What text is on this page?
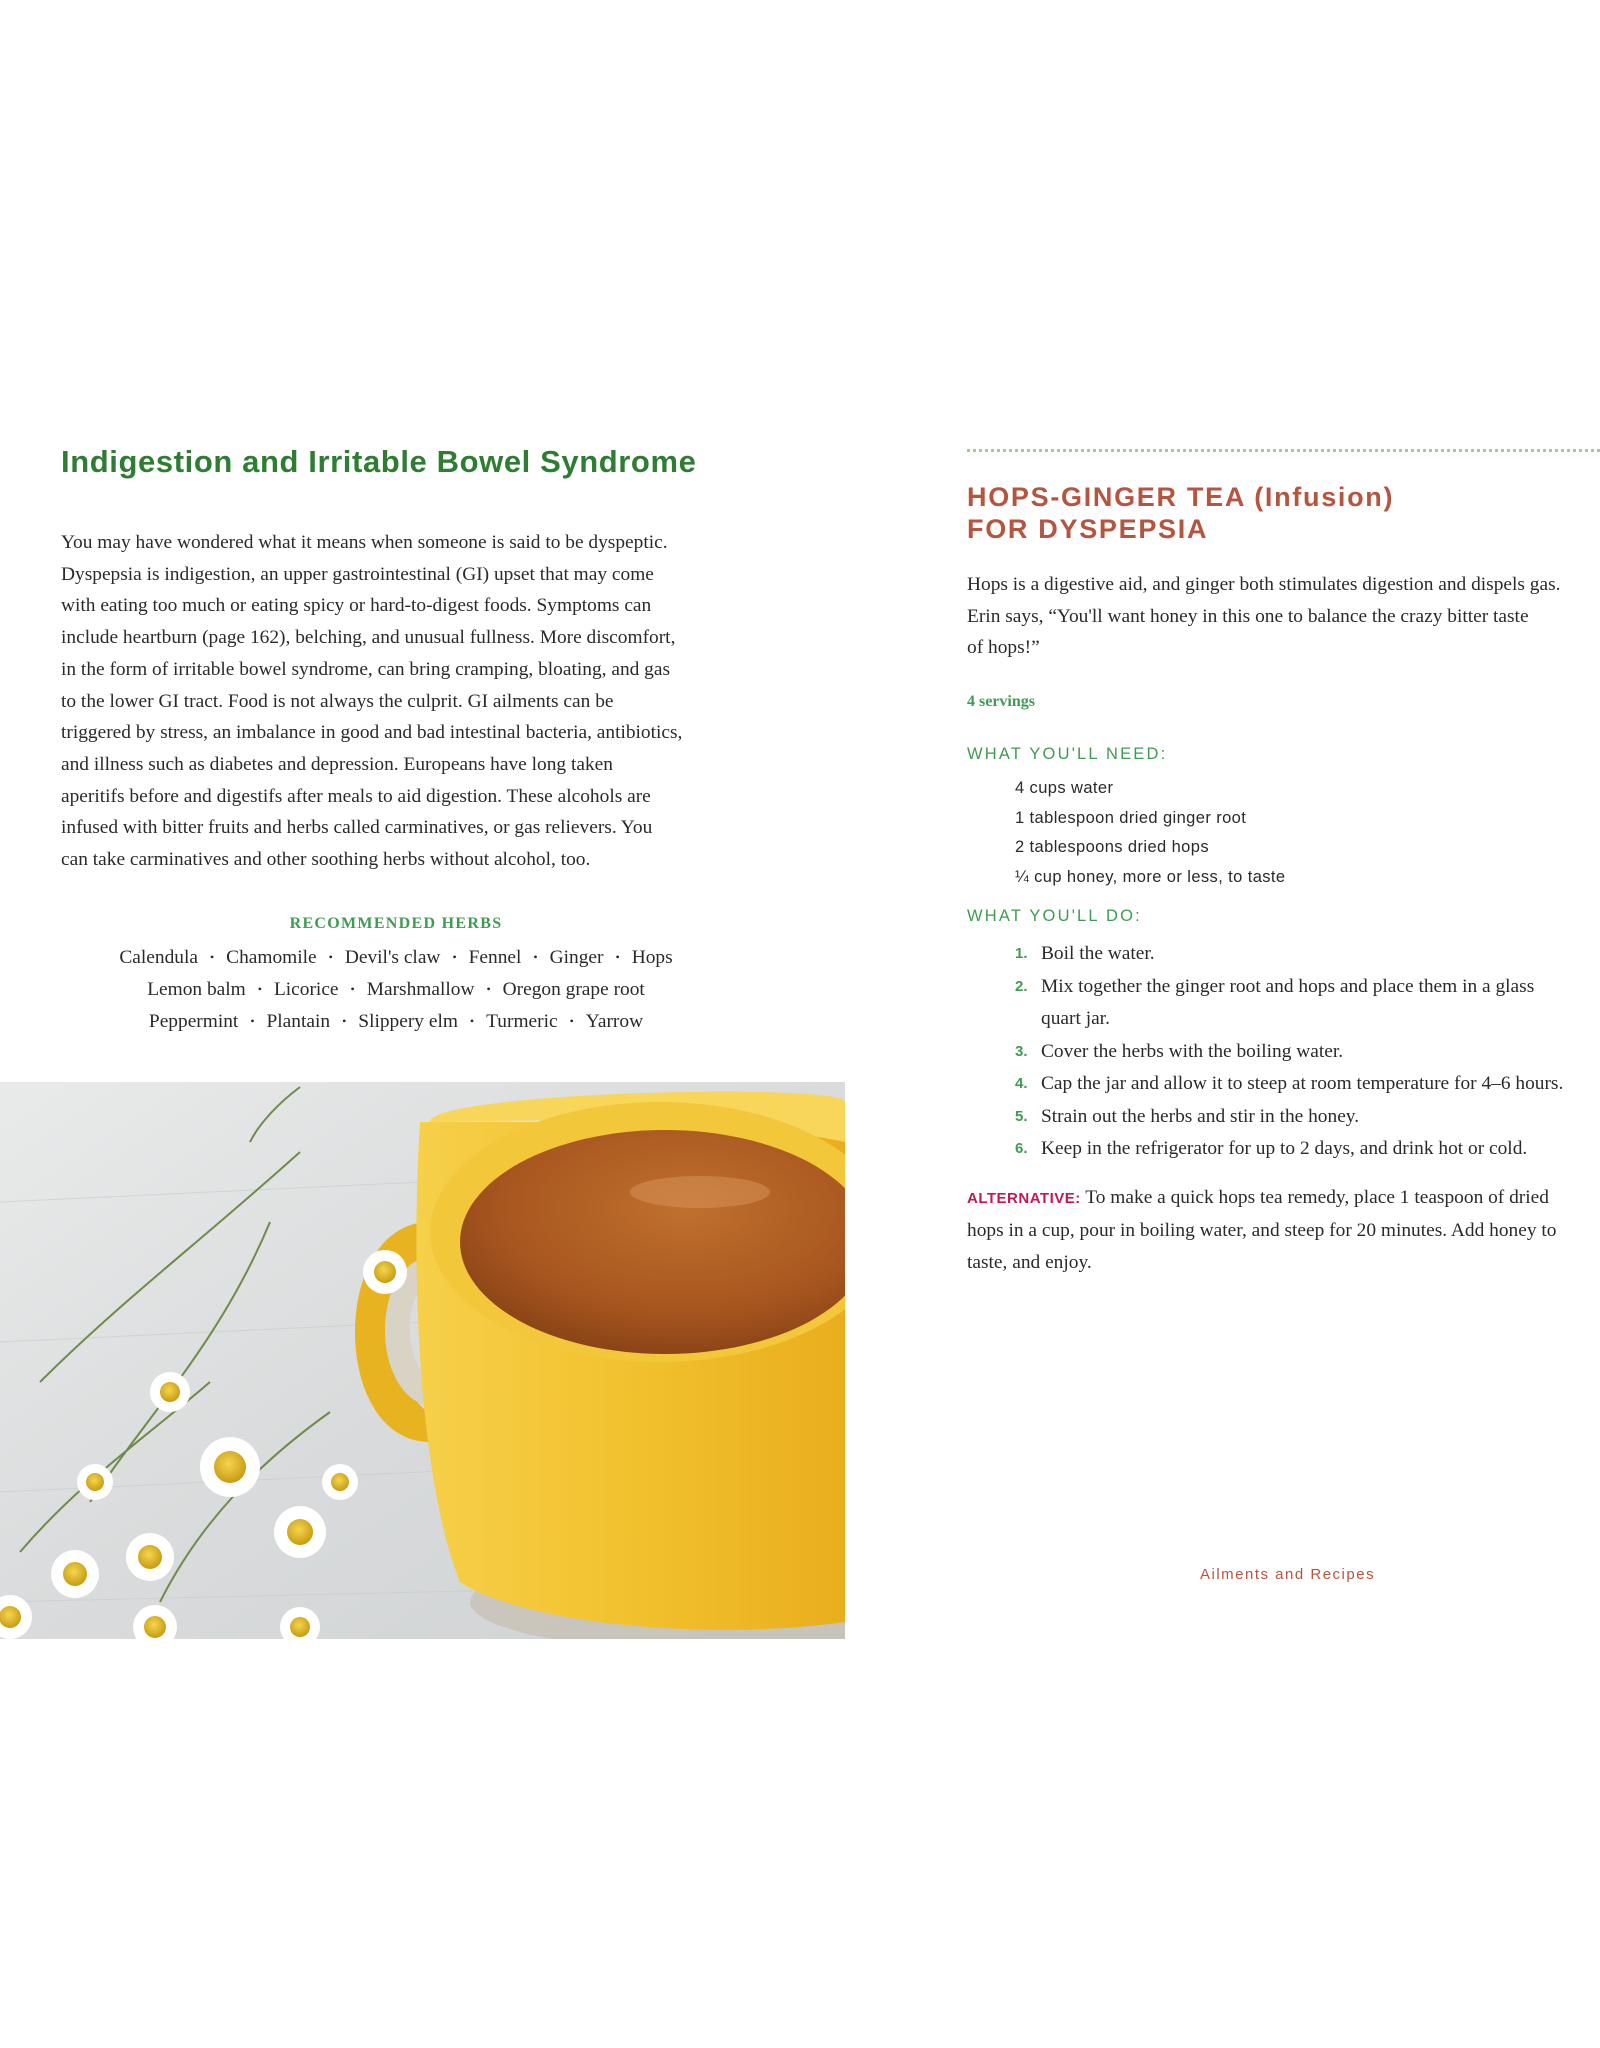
Indigestion and Irritable Bowel Syndrome
You may have wondered what it means when someone is said to be dyspeptic.
Dyspepsia is indigestion, an upper gastrointestinal (GI) upset that may come
with eating too much or eating spicy or hard-to-digest foods. Symptoms can
include heartburn (page 162), belching, and unusual fullness. More discomfort,
in the form of irritable bowel syndrome, can bring cramping, bloating, and gas
to the lower GI tract. Food is not always the culprit. GI ailments can be
triggered by stress, an imbalance in good and bad intestinal bacteria, antibiotics,
and illness such as diabetes and depression. Europeans have long taken
aperitifs before and digestifs after meals to aid digestion. These alcohols are
infused with bitter fruits and herbs called carminatives, or gas relievers. You
can take carminatives and other soothing herbs without alcohol, too.
RECOMMENDED HERBS
Calendula • Chamomile • Devil's claw • Fennel • Ginger • Hops
Lemon balm • Licorice • Marshmallow • Oregon grape root
Peppermint • Plantain • Slippery elm • Turmeric • Yarrow
HOPS-GINGER TEA (Infusion)
FOR DYSPEPSIA
Hops is a digestive aid, and ginger both stimulates digestion and dispels gas.
Erin says, “You'll want honey in this one to balance the crazy bitter taste
of hops!”
4 servings
WHAT YOU'LL NEED:
4 cups water
1 tablespoon dried ginger root
2 tablespoons dried hops
¼ cup honey, more or less, to taste
WHAT YOU'LL DO:
1. Boil the water.
2. Mix together the ginger root and hops and place them in a glass
quart jar.
3. Cover the herbs with the boiling water.
4. Cap the jar and allow it to steep at room temperature for 4–6 hours.
5. Strain out the herbs and stir in the honey.
6. Keep in the refrigerator for up to 2 days, and drink hot or cold.
ALTERNATIVE: To make a quick hops tea remedy, place 1 teaspoon of dried
hops in a cup, pour in boiling water, and steep for 20 minutes. Add honey to
taste, and enjoy.
Ailments and Recipes
